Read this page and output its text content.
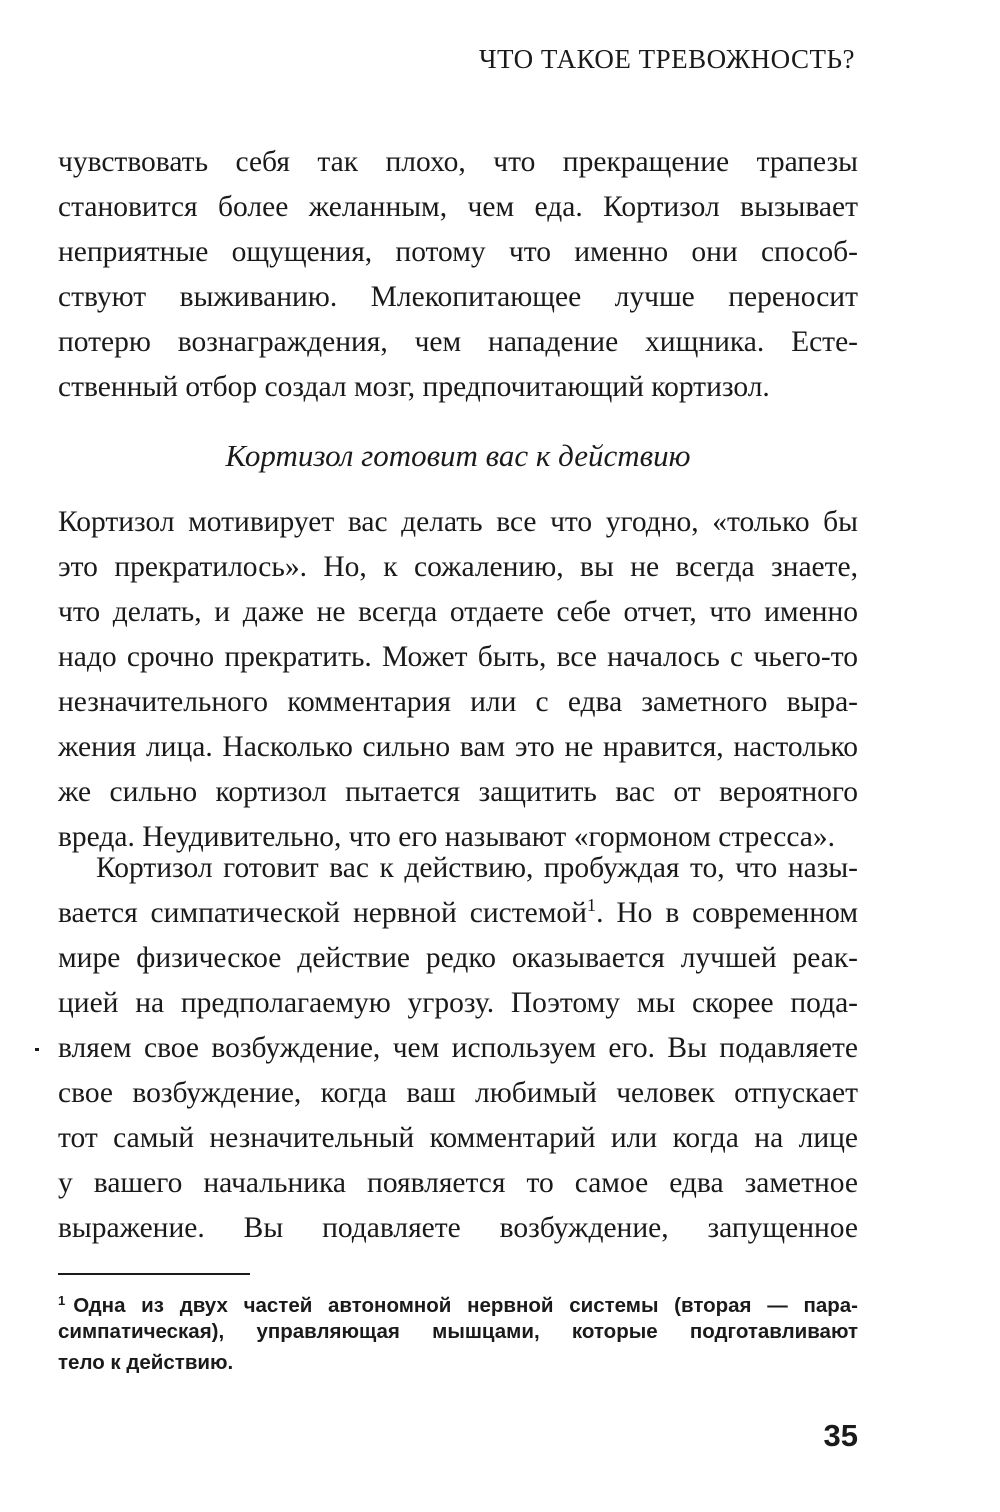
ЧТО ТАКОЕ ТРЕВОЖНОСТЬ?
чувствовать себя так плохо, что прекращение трапезы
становится более желанным, чем еда. Кортизол вызывает
неприятные ощущения, потому что именно они способ-
ствуют выживанию. Млекопитающее лучше переносит
потерю вознаграждения, чем нападение хищника. Есте-
ственный отбор создал мозг, предпочитающий кортизол.
Кортизол готовит вас к действию
Кортизол мотивирует вас делать все что угодно, «только бы
это прекратилось». Но, к сожалению, вы не всегда знаете,
что делать, и даже не всегда отдаете себе отчет, что именно
надо срочно прекратить. Может быть, все началось с чьего-то
незначительного комментария или с едва заметного выра-
жения лица. Насколько сильно вам это не нравится, настолько
же сильно кортизол пытается защитить вас от вероятного
вреда. Неудивительно, что его называют «гормоном стресса».
Кортизол готовит вас к действию, пробуждая то, что назы-
вается симпатической нервной системой$^1$. Но в современном
мире физическое действие редко оказывается лучшей реак-
цией на предполагаемую угрозу. Поэтому мы скорее пода-
вляем свое возбуждение, чем используем его. Вы подавляете
свое возбуждение, когда ваш любимый человек отпускает
тот самый незначительный комментарий или когда на лице
у вашего начальника появляется то самое едва заметное
выражение. Вы подавляете возбуждение, запущенное
$^1$ Одна из двух частей автономной нервной системы (вторая — пара-
симпатическая), управляющая мышцами, которые подготавливают
тело к действию.
35
